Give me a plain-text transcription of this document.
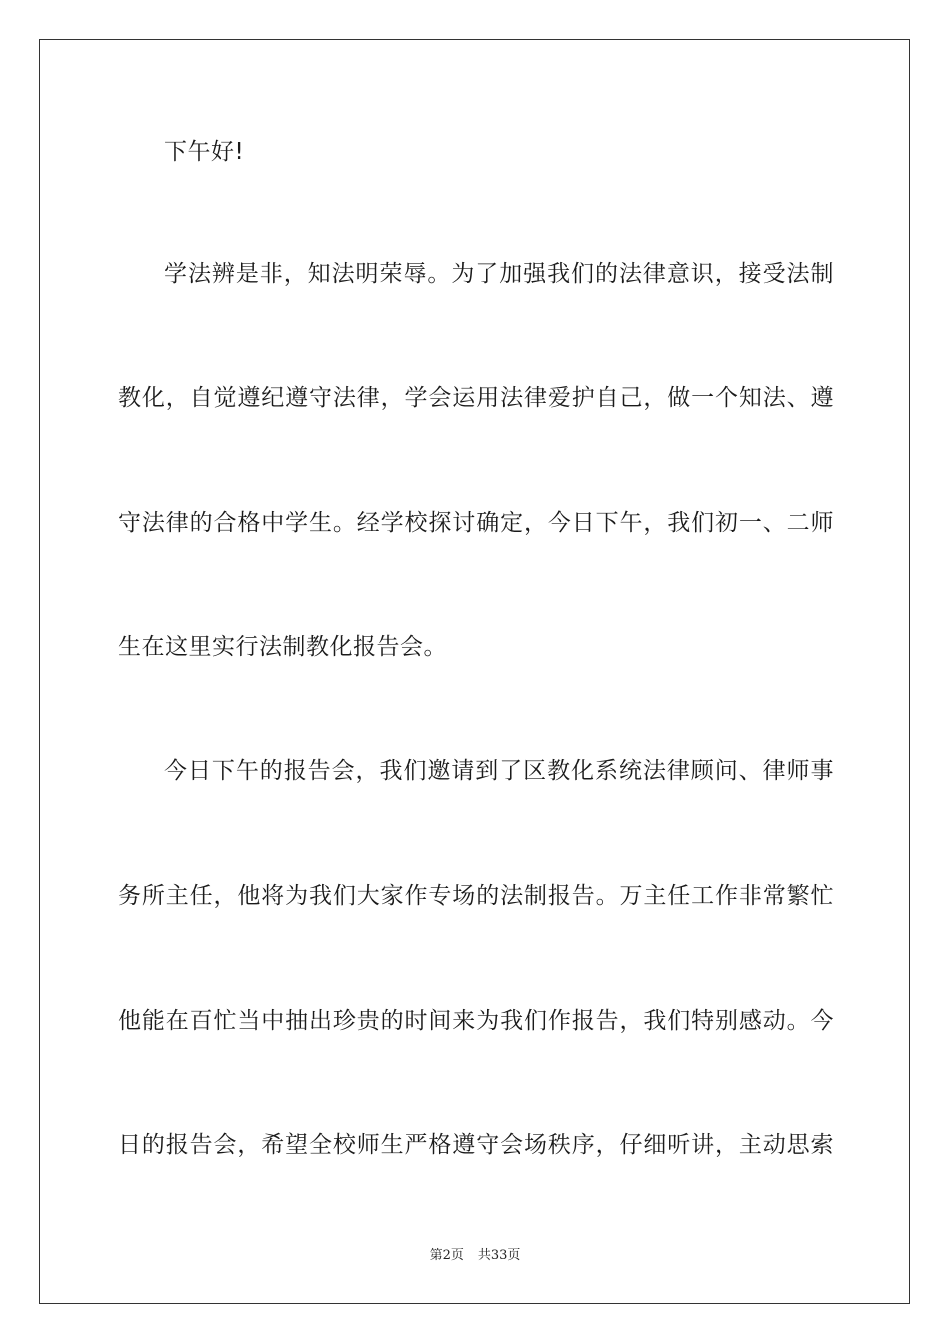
下午好!
学法辨是非，知法明荣辱。为了加强我们的法律意识，接受法制
教化，自觉遵纪遵守法律，学会运用法律爱护自己，做一个知法、遵
守法律的合格中学生。经学校探讨确定，今日下午，我们初一、二师
生在这里实行法制教化报告会。
今日下午的报告会，我们邀请到了区教化系统法律顾问、律师事
务所主任，他将为我们大家作专场的法制报告。万主任工作非常繁忙
他能在百忙当中抽出珍贵的时间来为我们作报告，我们特别感动。今
日的报告会，希望全校师生严格遵守会场秩序，仔细听讲，主动思索
第2页 共33页
